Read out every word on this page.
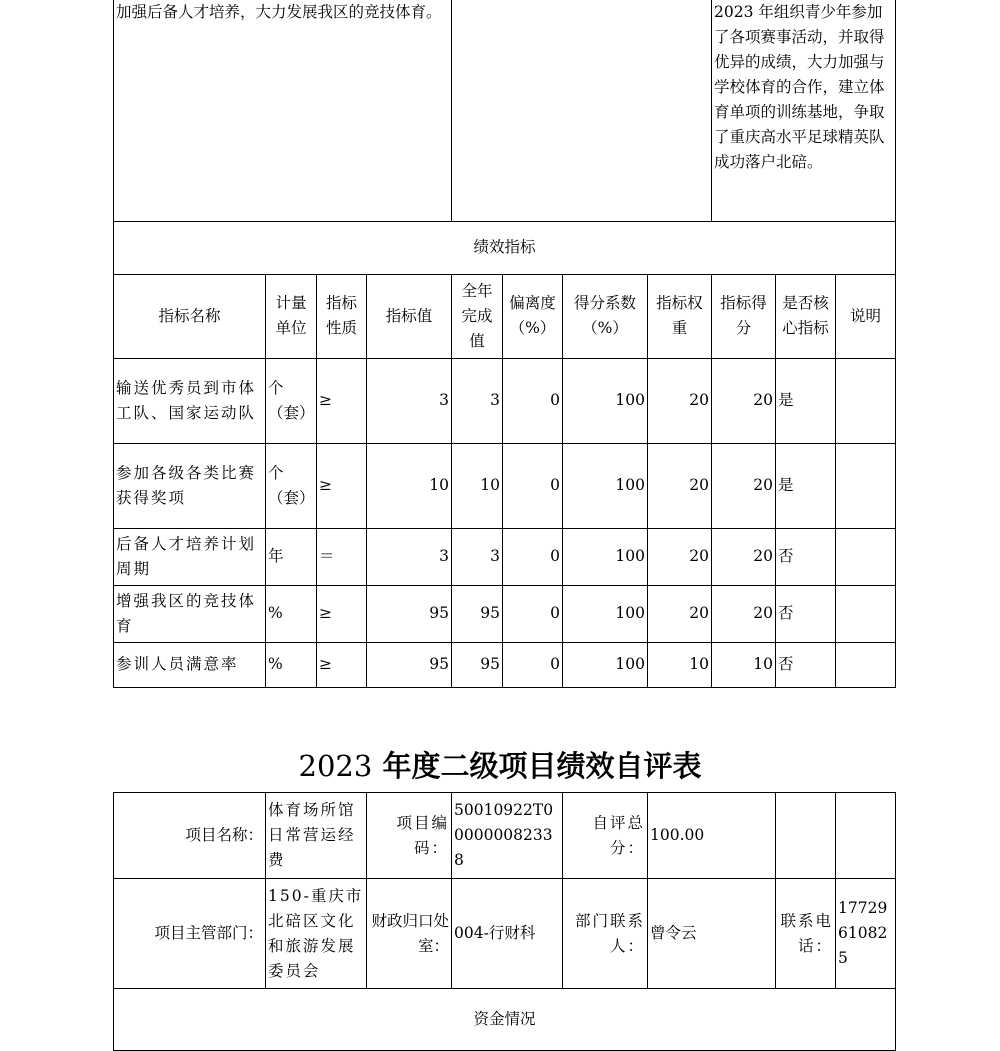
加强后备人才培养，大力发展我区的竞技体育。								2023 年组织青少年参加了各项赛事活动，并取得优异的成绩，大力加强与学校体育的合作，建立体育单项的训练基地，争取了重庆高水平足球精英队成功落户北碚。		
绩效指标										
指标名称	计量单位	指标性质	指标值	全年完成值	偏离度（%）	得分系数（%）	指标权重	指标得分	是否核心指标	说明
输送优秀员到市体工队、国家运动队	个（套）	≥	3	3	0	100	20	20	是	
参加各级各类比赛获得奖项	个（套）	≥	10	10	0	100	20	20	是	
后备人才培养计划周期	年	＝	3	3	0	100	20	20	否	
增强我区的竞技体育	%	≥	95	95	0	100	20	20	否	
参训人员满意率	%	≥	95	95	0	100	10	10	否	
2023 年度二级项目绩效自评表
项目名称：	体育场所馆日常营运经费	项目编码：	50010922T000000082338	自评总分：	100.00		
项目主管部门：	150-重庆市北碚区文化和旅游发展委员会	财政归口处室：	004-行财科	部门联系人：	曾令云	联系电话：	17729610825
资金情况							
